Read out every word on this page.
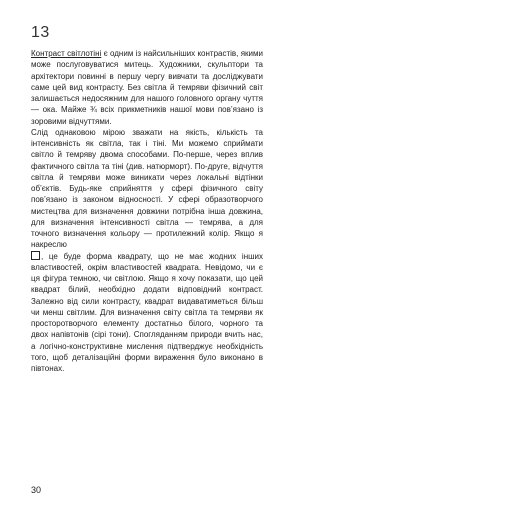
13

Контраст світлотіні є одним із найсильніших контрастів, якими може послуговуватися митець. Художники, скульптори та архітектори повинні в першу чергу вивчати та досліджувати саме цей вид контрасту. Без світла й темряви фізичний світ залишається недосяжним для нашого головного органу чуття — ока. Майже ¾ всіх прикметників нашої мови пов’язано із зоровими відчуттями.

Слід однаковою мірою зважати на якість, кількість та інтенсивність як світла, так і тіні. Ми можемо сприймати світло й темряву двома способами. По-перше, через вплив фактичного світла та тіні (див. натюрморт). По-друге, відчуття світла й темряви може виникати через локальні відтінки об’єктів. Будь-яке сприйняття у сфері фізичного світу пов’язано із законом відносності. У сфері образотворчого мистецтва для визначення довжини потрібна інша довжина, для визначення інтенсивності світла — темрява, а для точного визначення кольору — протилежний колір. Якщо я накреслю
, це буде форма квадрату, що не має жодних інших властивостей, окрім властивостей квадрата. Невідомо, чи є ця фігура темною, чи світлою. Якщо я хочу показати, що цей квадрат білий, необхідно додати відповідний контраст. Залежно від сили контрасту, квадрат видаватиметься більш чи менш світлим. Для визначення світу світла та темряви як просторотворчого елементу достатньо білого, чорного та двох напівтонів (сірі тони). Спогляданням природи вчить нас, а логічно-конструктивне мислення підтверджує необхідність того, щоб деталізаційні форми вираження було виконано в півтонах.

30
